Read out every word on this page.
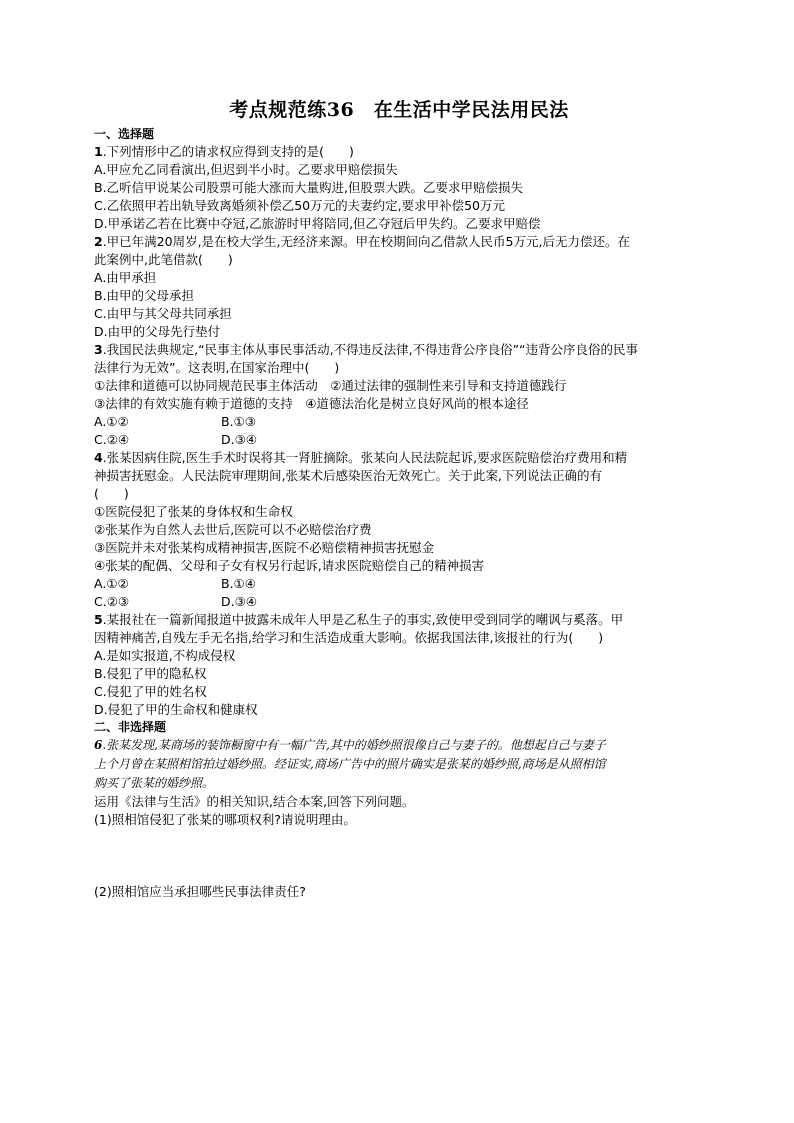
考点规范练36　在生活中学民法用民法
一、选择题
1.下列情形中乙的请求权应得到支持的是(　　)
A.甲应允乙同看演出,但迟到半小时。乙要求甲赔偿损失
B.乙听信甲说某公司股票可能大涨而大量购进,但股票大跌。乙要求甲赔偿损失
C.乙依照甲若出轨导致离婚须补偿乙50万元的夫妻约定,要求甲补偿50万元
D.甲承诺乙若在比赛中夺冠,乙旅游时甲将陪同,但乙夺冠后甲失约。乙要求甲赔偿
2.甲已年满20周岁,是在校大学生,无经济来源。甲在校期间向乙借款人民币5万元,后无力偿还。在
此案例中,此笔借款(　　)
A.由甲承担
B.由甲的父母承担
C.由甲与其父母共同承担
D.由甲的父母先行垫付
3.我国民法典规定,“民事主体从事民事活动,不得违反法律,不得违背公序良俗”“违背公序良俗的民事
法律行为无效”。这表明,在国家治理中(　　)
①法律和道德可以协同规范民事主体活动　②通过法律的强制性来引导和支持道德践行
③法律的有效实施有赖于道德的支持　④道德法治化是树立良好风尚的根本途径
A.①②	B.①③
C.②④	D.③④
4.张某因病住院,医生手术时误将其一肾脏摘除。张某向人民法院起诉,要求医院赔偿治疗费用和精
神损害抚慰金。人民法院审理期间,张某术后感染医治无效死亡。关于此案,下列说法正确的有
(　　)
①医院侵犯了张某的身体权和生命权
②张某作为自然人去世后,医院可以不必赔偿治疗费
③医院并未对张某构成精神损害,医院不必赔偿精神损害抚慰金
④张某的配偶、父母和子女有权另行起诉,请求医院赔偿自己的精神损害
A.①②	B.①④
C.②③	D.③④
5.某报社在一篇新闻报道中披露未成年人甲是乙私生子的事实,致使甲受到同学的嘲讽与奚落。甲
因精神痛苦,自残左手无名指,给学习和生活造成重大影响。依据我国法律,该报社的行为(　　)
A.是如实报道,不构成侵权
B.侵犯了甲的隐私权
C.侵犯了甲的姓名权
D.侵犯了甲的生命权和健康权
二、非选择题
6.张某发现,某商场的装饰橱窗中有一幅广告,其中的婚纱照很像自己与妻子的。他想起自己与妻子
上个月曾在某照相馆拍过婚纱照。经证实,商场广告中的照片确实是张某的婚纱照,商场是从照相馆
购买了张某的婚纱照。
运用《法律与生活》的相关知识,结合本案,回答下列问题。
(1)照相馆侵犯了张某的哪项权利?请说明理由。
(2)照相馆应当承担哪些民事法律责任?
